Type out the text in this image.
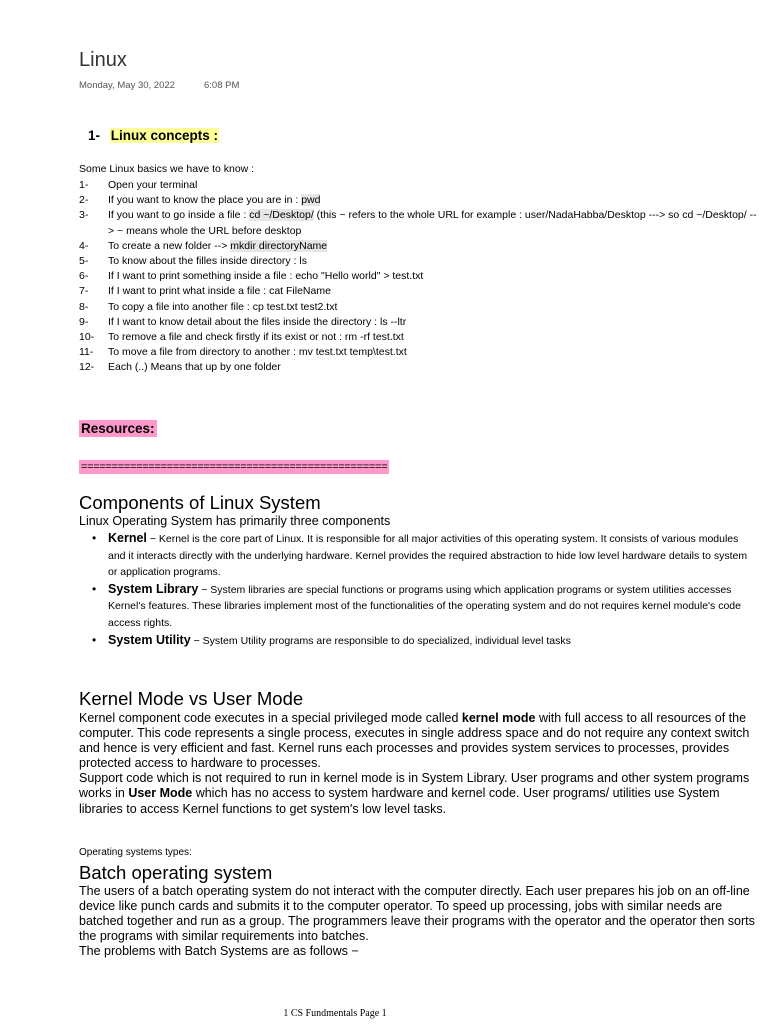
Linux
Monday, May 30, 2022	6:08 PM
1- Linux concepts :
Some Linux basics we have to know :
1-	Open your terminal
2-	If you want to know the place you are in : pwd
3-	If you want to go inside a file : cd ~/Desktop/ (this ~ refers to the whole URL for example : user/NadaHabba/Desktop ---> so cd ~/Desktop/ --> ~ means whole the URL before desktop
4-	To create a new folder --> mkdir directoryName
5-	To know about the filles inside directory : ls
6-	If I want to print something inside a file : echo "Hello world" > test.txt
7-	If I want to print what inside a file : cat FileName
8-	To copy a file into another file : cp test.txt test2.txt
9-	If I want to know detail about the files inside the directory : ls --ltr
10-	To remove a file and check firstly if its exist or not : rm -rf test.txt
11-	To move a file from directory to another : mv test.txt temp\test.txt
12-	Each (..) Means that up by one folder
Resources:
==================================================
Components of Linux System
Linux Operating System has primarily three components
• Kernel − Kernel is the core part of Linux. It is responsible for all major activities of this operating system. It consists of various modules and it interacts directly with the underlying hardware. Kernel provides the required abstraction to hide low level hardware details to system or application programs.
• System Library − System libraries are special functions or programs using which application programs or system utilities accesses Kernel's features. These libraries implement most of the functionalities of the operating system and do not requires kernel module's code access rights.
• System Utility − System Utility programs are responsible to do specialized, individual level tasks
Kernel Mode vs User Mode
Kernel component code executes in a special privileged mode called kernel mode with full access to all resources of the computer. This code represents a single process, executes in single address space and do not require any context switch and hence is very efficient and fast. Kernel runs each processes and provides system services to processes, provides protected access to hardware to processes.
Support code which is not required to run in kernel mode is in System Library. User programs and other system programs works in User Mode which has no access to system hardware and kernel code. User programs/ utilities use System libraries to access Kernel functions to get system's low level tasks.
Operating systems types:
Batch operating system
The users of a batch operating system do not interact with the computer directly. Each user prepares his job on an off-line device like punch cards and submits it to the computer operator. To speed up processing, jobs with similar needs are batched together and run as a group. The programmers leave their programs with the operator and the operator then sorts the programs with similar requirements into batches.
The problems with Batch Systems are as follows −
1 CS Fundmentals Page 1
